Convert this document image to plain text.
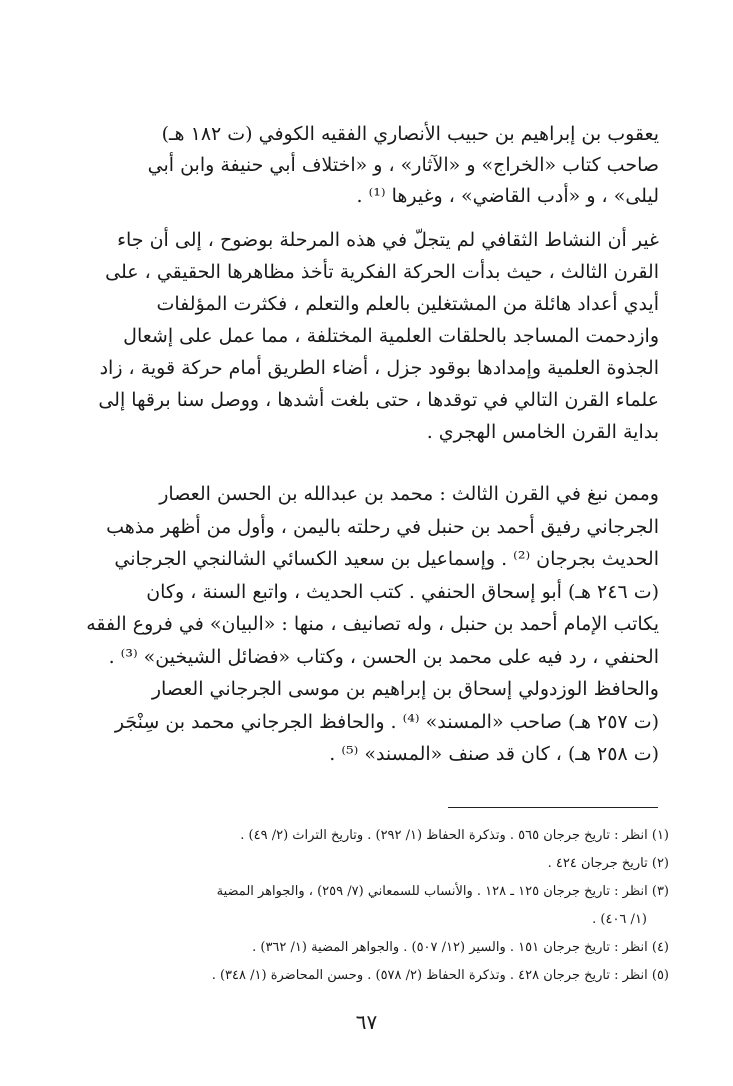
يعقوب بن إبراهيم بن حبيب الأنصاري الفقيه الكوفي (ت ١٨٢ هـ)
صاحب كتاب «الخراج» و «الآثار» ، و «اختلاف أبي حنيفة وابن أبي
ليلى» ، و «أدب القاضي» ، وغيرها ⁽¹⁾ .

غير أن النشاط الثقافي لم يتجلّ في هذه المرحلة بوضوح ، إلى أن جاء
القرن الثالث ، حيث بدأت الحركة الفكرية تأخذ مظاهرها الحقيقي ، على
أيدي أعداد هائلة من المشتغلين بالعلم والتعلم ، فكثرت المؤلفات
وازدحمت المساجد بالحلقات العلمية المختلفة ، مما عمل على إشعال
الجذوة العلمية وإمدادها بوقود جزل ، أضاء الطريق أمام حركة قوية ، زاد
علماء القرن التالي في توقدها ، حتى بلغت أشدها ، ووصل سنا برقها إلى
بداية القرن الخامس الهجري .

وممن نبغ في القرن الثالث : محمد بن عبدالله بن الحسن العصار
الجرجاني رفيق أحمد بن حنبل في رحلته باليمن ، وأول من أظهر مذهب
الحديث بجرجان ⁽²⁾ . وإسماعيل بن سعيد الكسائي الشالنجي الجرجاني
(ت ٢٤٦ هـ) أبو إسحاق الحنفي . كتب الحديث ، واتبع السنة ، وكان
يكاتب الإمام أحمد بن حنبل ، وله تصانيف ، منها : «البيان» في فروع الفقه
الحنفي ، رد فيه على محمد بن الحسن ، وكتاب «فضائل الشيخين» ⁽³⁾ .
والحافظ الوزدولي إسحاق بن إبراهيم بن موسى الجرجاني العصار
(ت ٢٥٧ هـ) صاحب «المسند» ⁽⁴⁾ . والحافظ الجرجاني محمد بن سِنْجَر
(ت ٢٥٨ هـ) ، كان قد صنف «المسند» ⁽⁵⁾ .

(١) انظر : تاريخ جرجان ٥٦٥ . وتذكرة الحفاظ (١/ ٢٩٢) . وتاريخ التراث (٢/ ٤٩) .
(٢) تاريخ جرجان ٤٢٤ .
(٣) انظر : تاريخ جرجان ١٢٥ ـ ١٢٨ . والأنساب للسمعاني (٧/ ٢٥٩) ، والجواهر المضية
(١/ ٤٠٦) .
(٤) انظر : تاريخ جرجان ١٥١ . والسير (١٢/ ٥٠٧) . والجواهر المضية (١/ ٣٦٢) .
(٥) انظر : تاريخ جرجان ٤٢٨ . وتذكرة الحفاظ (٢/ ٥٧٨) . وحسن المحاضرة (١/ ٣٤٨) .
٦٧
